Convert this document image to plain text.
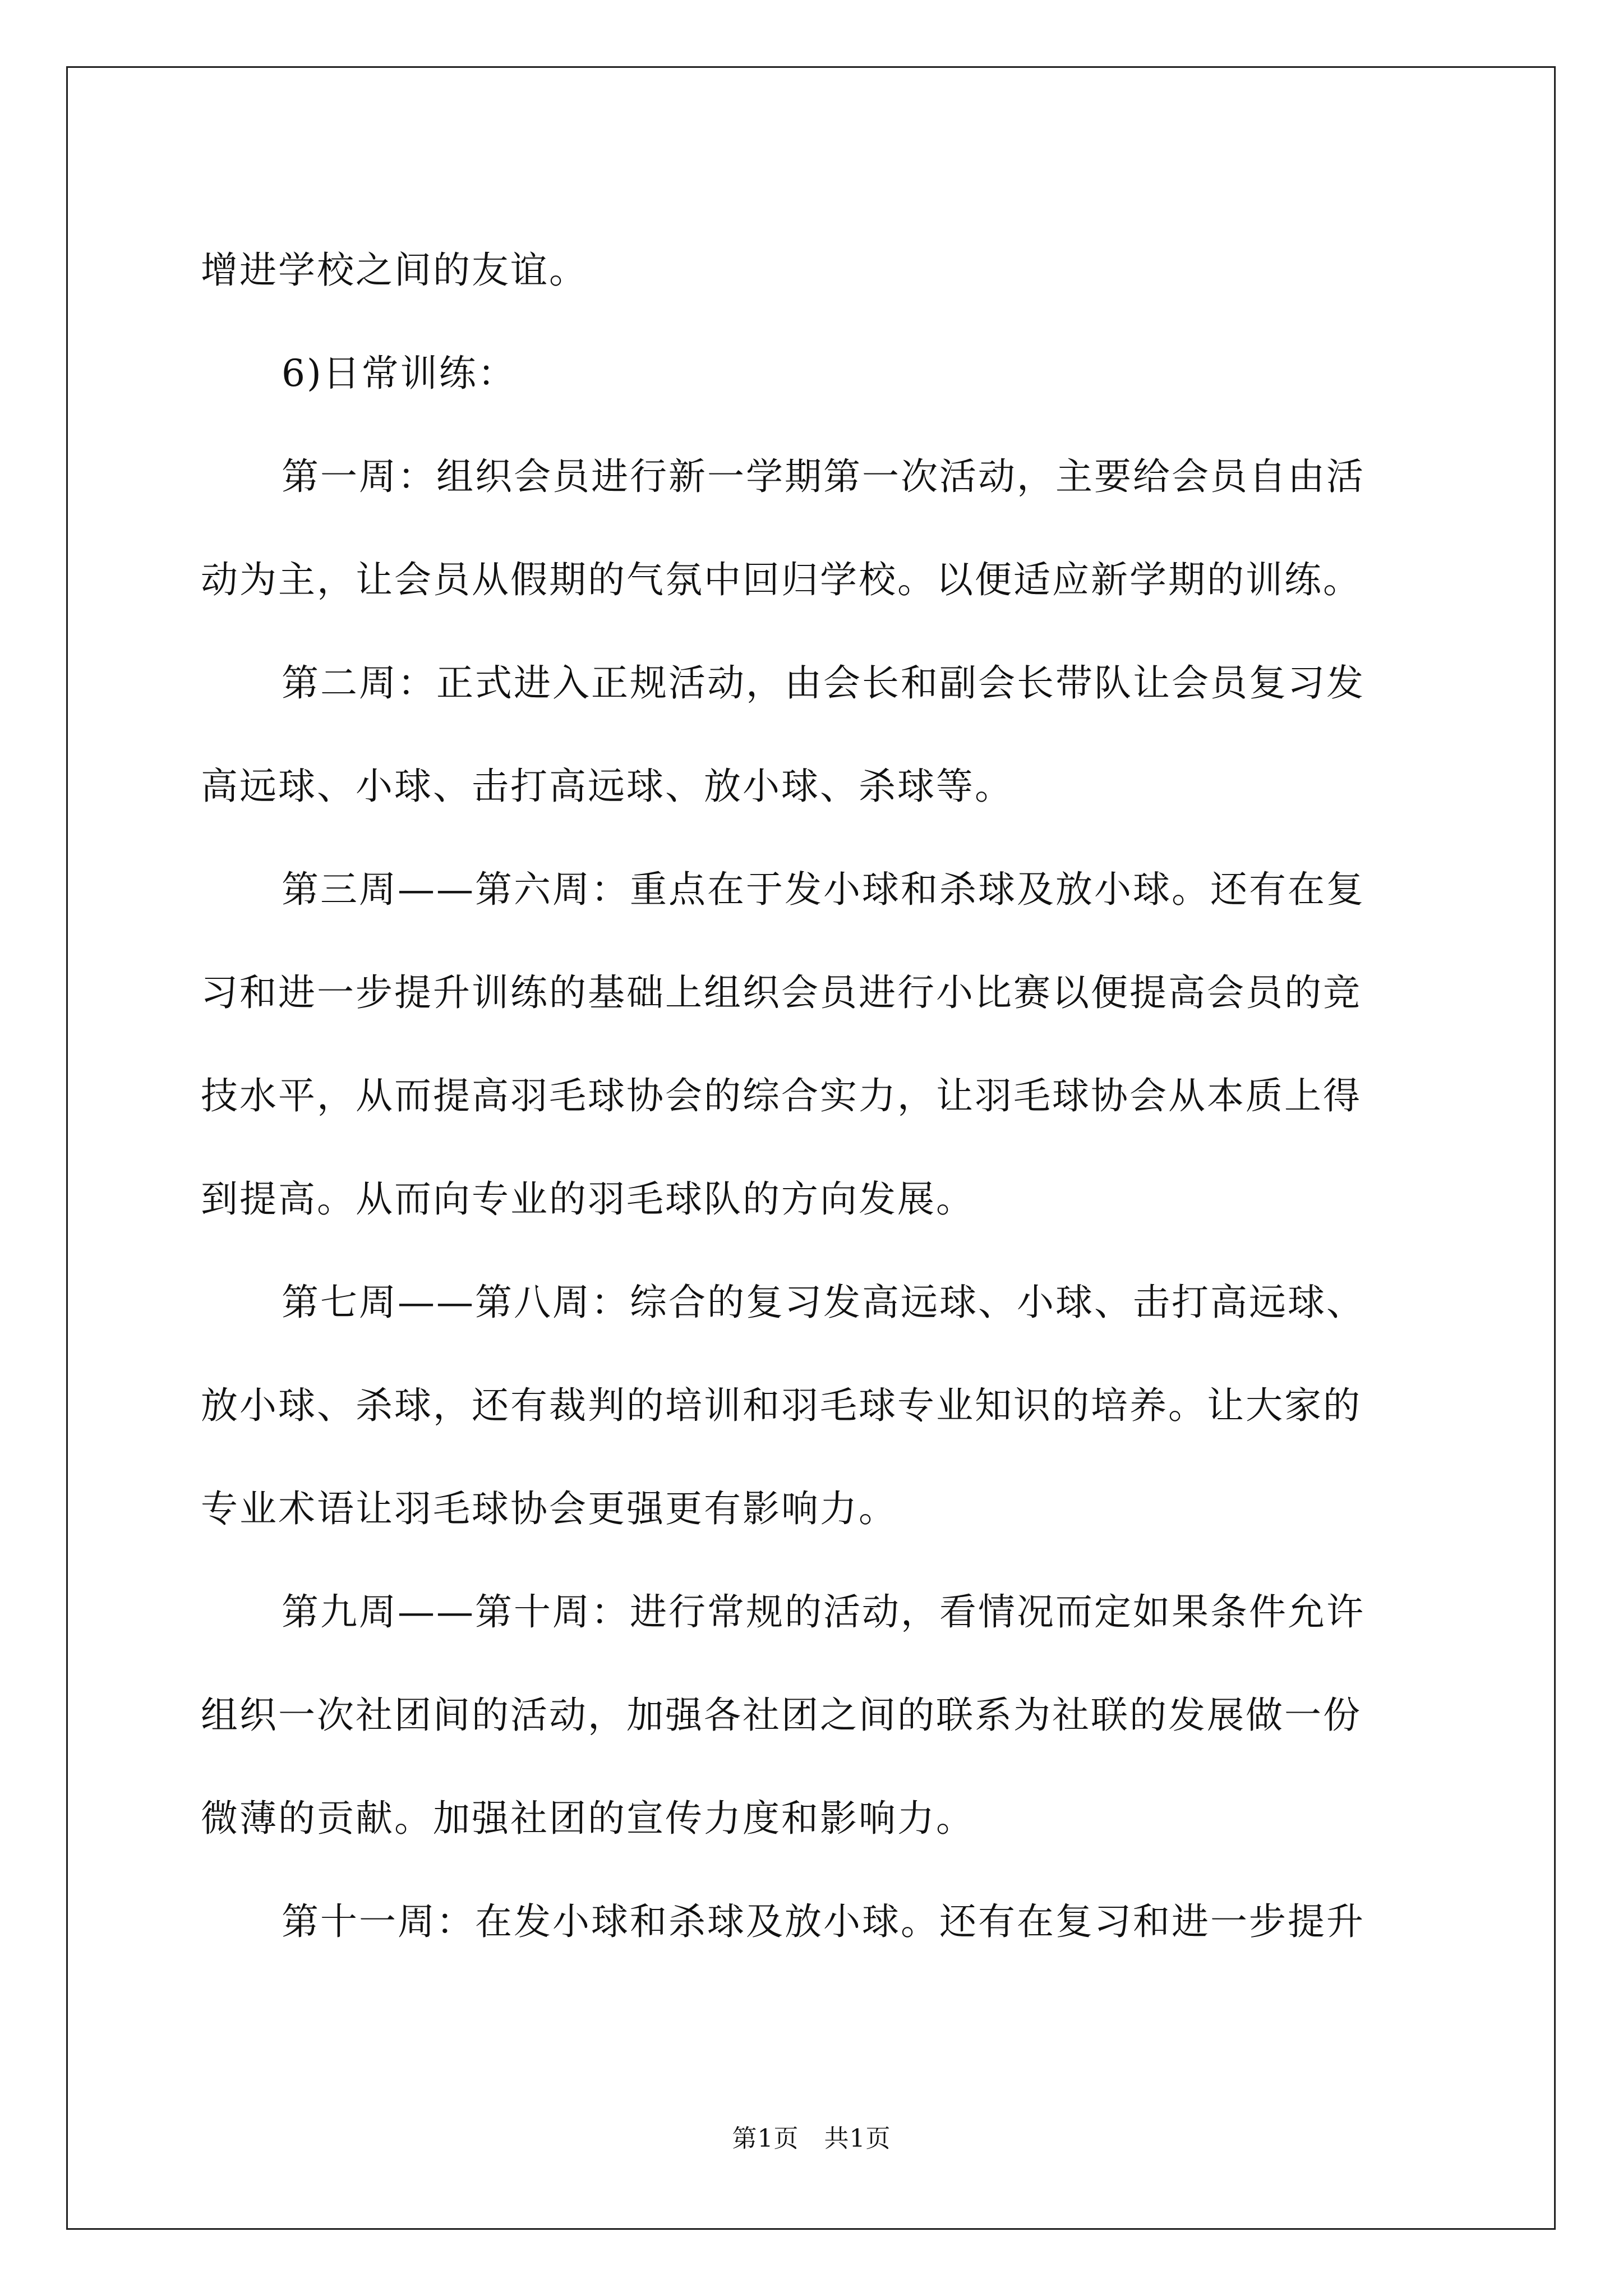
增进学校之间的友谊。

6)日常训练：

第一周：组织会员进行新一学期第一次活动，主要给会员自由活

动为主，让会员从假期的气氛中回归学校。以便适应新学期的训练。

第二周：正式进入正规活动，由会长和副会长带队让会员复习发

高远球、小球、击打高远球、放小球、杀球等。

第三周——第六周：重点在于发小球和杀球及放小球。还有在复

习和进一步提升训练的基础上组织会员进行小比赛以便提高会员的竞

技水平，从而提高羽毛球协会的综合实力，让羽毛球协会从本质上得

到提高。从而向专业的羽毛球队的方向发展。

第七周——第八周：综合的复习发高远球、小球、击打高远球、

放小球、杀球，还有裁判的培训和羽毛球专业知识的培养。让大家的

专业术语让羽毛球协会更强更有影响力。

第九周——第十周：进行常规的活动，看情况而定如果条件允许

组织一次社团间的活动，加强各社团之间的联系为社联的发展做一份

微薄的贡献。加强社团的宣传力度和影响力。

第十一周：在发小球和杀球及放小球。还有在复习和进一步提升

第1页   共1页
